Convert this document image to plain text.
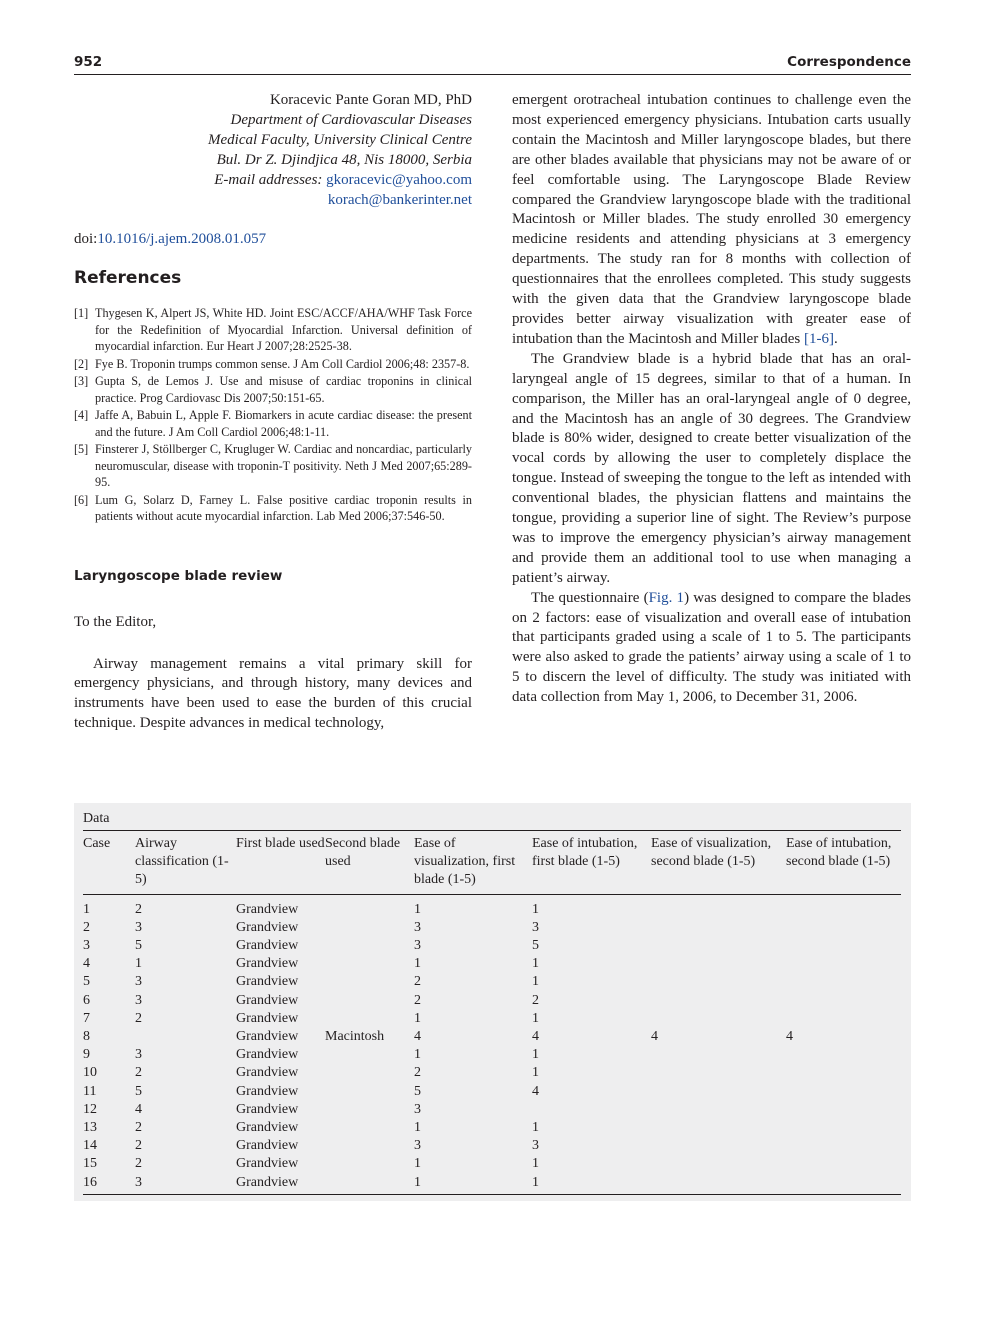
952	Correspondence
Koracevic Pante Goran MD, PhD
Department of Cardiovascular Diseases
Medical Faculty, University Clinical Centre
Bul. Dr Z. Djindjica 48, Nis 18000, Serbia
E-mail addresses: gkoracevic@yahoo.com
korach@bankerinter.net
doi:10.1016/j.ajem.2008.01.057
References
[1] Thygesen K, Alpert JS, White HD. Joint ESC/ACCF/AHA/WHF Task Force for the Redefinition of Myocardial Infarction. Universal definition of myocardial infarction. Eur Heart J 2007;28:2525-38.
[2] Fye B. Troponin trumps common sense. J Am Coll Cardiol 2006;48: 2357-8.
[3] Gupta S, de Lemos J. Use and misuse of cardiac troponins in clinical practice. Prog Cardiovasc Dis 2007;50:151-65.
[4] Jaffe A, Babuin L, Apple F. Biomarkers in acute cardiac disease: the present and the future. J Am Coll Cardiol 2006;48:1-11.
[5] Finsterer J, Stöllberger C, Krugluger W. Cardiac and noncardiac, particularly neuromuscular, disease with troponin-T positivity. Neth J Med 2007;65:289-95.
[6] Lum G, Solarz D, Farney L. False positive cardiac troponin results in patients without acute myocardial infarction. Lab Med 2006;37:546-50.
Laryngoscope blade review
To the Editor,

Airway management remains a vital primary skill for emergency physicians, and through history, many devices and instruments have been used to ease the burden of this crucial technique. Despite advances in medical technology,

emergent orotracheal intubation continues to challenge even the most experienced emergency physicians. Intubation carts usually contain the Macintosh and Miller laryngoscope blades, but there are other blades available that physicians may not be aware of or feel comfortable using. The Laryngoscope Blade Review compared the Grandview laryngoscope blade with the traditional Macintosh or Miller blades. The study enrolled 30 emergency medicine residents and attending physicians at 3 emergency departments. The study ran for 8 months with collection of questionnaires that the enrollees completed. This study suggests with the given data that the Grandview laryngoscope blade provides better airway visualization with greater ease of intubation than the Macintosh and Miller blades [1-6].

The Grandview blade is a hybrid blade that has an oral-laryngeal angle of 15 degrees, similar to that of a human. In comparison, the Miller has an oral-laryngeal angle of 0 degree, and the Macintosh has an angle of 30 degrees. The Grandview blade is 80% wider, designed to create better visualization of the vocal cords by allowing the user to completely displace the tongue. Instead of sweeping the tongue to the left as intended with conventional blades, the physician flattens and maintains the tongue, providing a superior line of sight. The Review’s purpose was to improve the emergency physician’s airway management and provide them an additional tool to use when managing a patient’s airway.

The questionnaire (Fig. 1) was designed to compare the blades on 2 factors: ease of visualization and overall ease of intubation that participants graded using a scale of 1 to 5. The participants were also asked to grade the patients’ airway using a scale of 1 to 5 to discern the level of difficulty. The study was initiated with data collection from May 1, 2006, to December 31, 2006.

Data
Case	Airway classification (1-5)	First blade used	Second blade used	Ease of visualization, first blade (1-5)	Ease of intubation, first blade (1-5)	Ease of visualization, second blade (1-5)	Ease of intubation, second blade (1-5)
1	2	Grandview		1	1		
2	3	Grandview		3	3		
3	5	Grandview		3	5		
4	1	Grandview		1	1		
5	3	Grandview		2	1		
6	3	Grandview		2	2		
7	2	Grandview		1	1		
8		Grandview	Macintosh	4	4	4	4
9	3	Grandview		1	1		
10	2	Grandview		2	1		
11	5	Grandview		5	4		
12	4	Grandview		3			
13	2	Grandview		1	1		
14	2	Grandview		3	3		
15	2	Grandview		1	1		
16	3	Grandview		1	1		
